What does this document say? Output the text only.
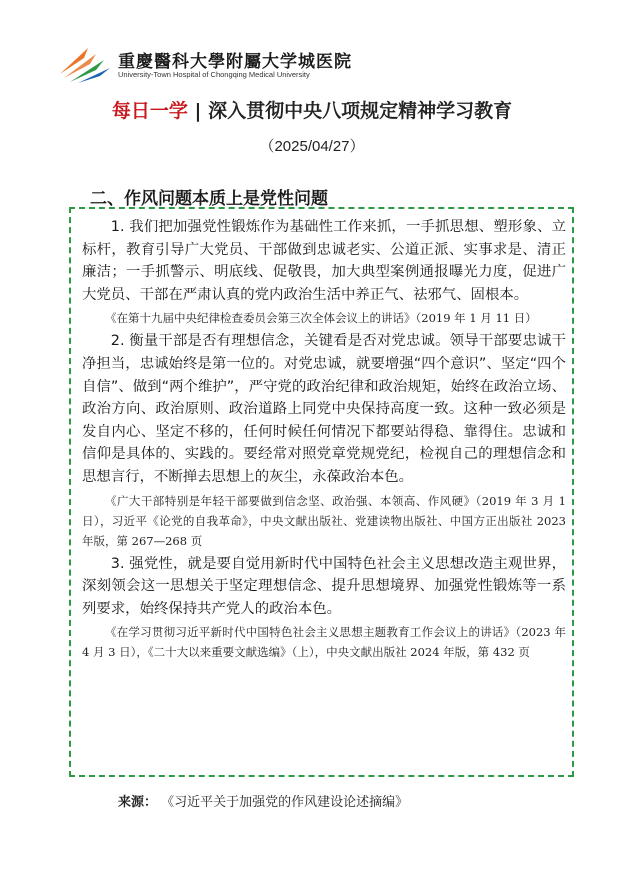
重慶醫科大學附屬大学城医院
University-Town Hospital of Chongqing Medical University
每日一学 | 深入贯彻中央八项规定精神学习教育
（2025/04/27）
二、作风问题本质上是党性问题

1. 我们把加强党性锻炼作为基础性工作来抓，一手抓思想、塑形象、立标杆，教育引导广大党员、干部做到忠诚老实、公道正派、实事求是、清正廉洁；一手抓警示、明底线、促敬畏，加大典型案例通报曝光力度，促进广大党员、干部在严肃认真的党内政治生活中养正气、祛邪气、固根本。

《在第十九届中央纪律检查委员会第三次全体会议上的讲话》（2019 年 1 月 11 日）

2. 衡量干部是否有理想信念，关键看是否对党忠诚。领导干部要忠诚干净担当，忠诚始终是第一位的。对党忠诚，就要增强“四个意识”、坚定“四个自信”、做到“两个维护”，严守党的政治纪律和政治规矩，始终在政治立场、政治方向、政治原则、政治道路上同党中央保持高度一致。这种一致必须是发自内心、坚定不移的，任何时候任何情况下都要站得稳、靠得住。忠诚和信仰是具体的、实践的。要经常对照党章党规党纪，检视自己的理想信念和思想言行，不断掸去思想上的灰尘，永葆政治本色。

《广大干部特别是年轻干部要做到信念坚、政治强、本领高、作风硬》（2019 年 3 月 1 日），习近平《论党的自我革命》，中央文献出版社、党建读物出版社、中国方正出版社 2023 年版，第 267—268 页

3. 强党性，就是要自觉用新时代中国特色社会主义思想改造主观世界，深刻领会这一思想关于坚定理想信念、提升思想境界、加强党性锻炼等一系列要求，始终保持共产党人的政治本色。

《在学习贯彻习近平新时代中国特色社会主义思想主题教育工作会议上的讲话》（2023 年 4 月 3 日），《二十大以来重要文献选编》（上），中央文献出版社 2024 年版，第 432 页

来源： 《习近平关于加强党的作风建设论述摘编》
